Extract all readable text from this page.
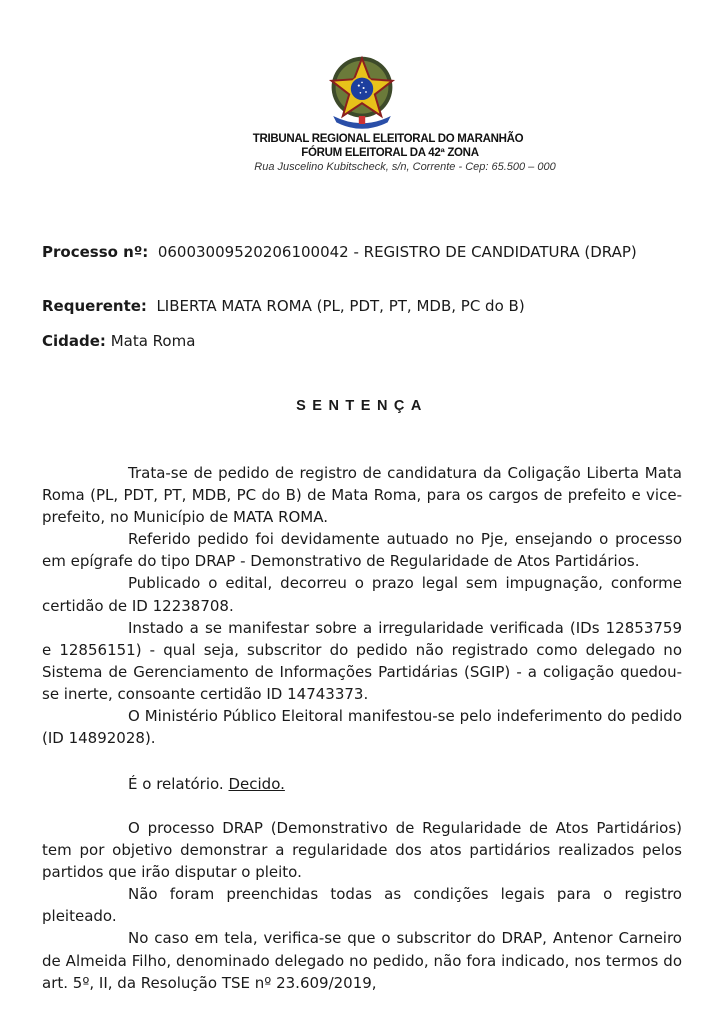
TRIBUNAL REGIONAL ELEITORAL DO MARANHÃO
FÓRUM ELEITORAL DA 42ª ZONA
Rua Juscelino Kubitscheck, s/n, Corrente - Cep: 65.500 – 000
Processo nº: 0600300952020610​0042 - REGISTRO DE CANDIDATURA (DRAP)
Requerente: LIBERTA MATA ROMA (PL, PDT, PT, MDB, PC do B)
Cidade: Mata Roma
SENTENÇA

Trata-se de pedido de registro de candidatura da Coligação Liberta Mata Roma (PL, PDT, PT, MDB, PC do B) de Mata Roma, para os cargos de prefeito e vice-prefeito, no Município de MATA ROMA.

Referido pedido foi devidamente autuado no Pje, ensejando o processo em epígrafe do tipo DRAP - Demonstrativo de Regularidade de Atos Partidários.

Publicado o edital, decorreu o prazo legal sem impugnação, conforme certidão de ID 12238708.

Instado a se manifestar sobre a irregularidade verificada (IDs 12853759 e 12856151) - qual seja, subscritor do pedido não registrado como delegado no Sistema de Gerenciamento de Informações Partidárias (SGIP) - a coligação quedou-se inerte, consoante certidão ID 14743373.

O Ministério Público Eleitoral manifestou-se pelo indeferimento do pedido (ID 14892028).

É o relatório. Decido.

O processo DRAP (Demonstrativo de Regularidade de Atos Partidários) tem por objetivo demonstrar a regularidade dos atos partidários realizados pelos partidos que irão disputar o pleito.

Não foram preenchidas todas as condições legais para o registro pleiteado.

No caso em tela, verifica-se que o subscritor do DRAP, Antenor Carneiro de Almeida Filho, denominado delegado no pedido, não fora indicado, nos termos do art. 5º, II, da Resolução TSE nº 23.609/2019,
